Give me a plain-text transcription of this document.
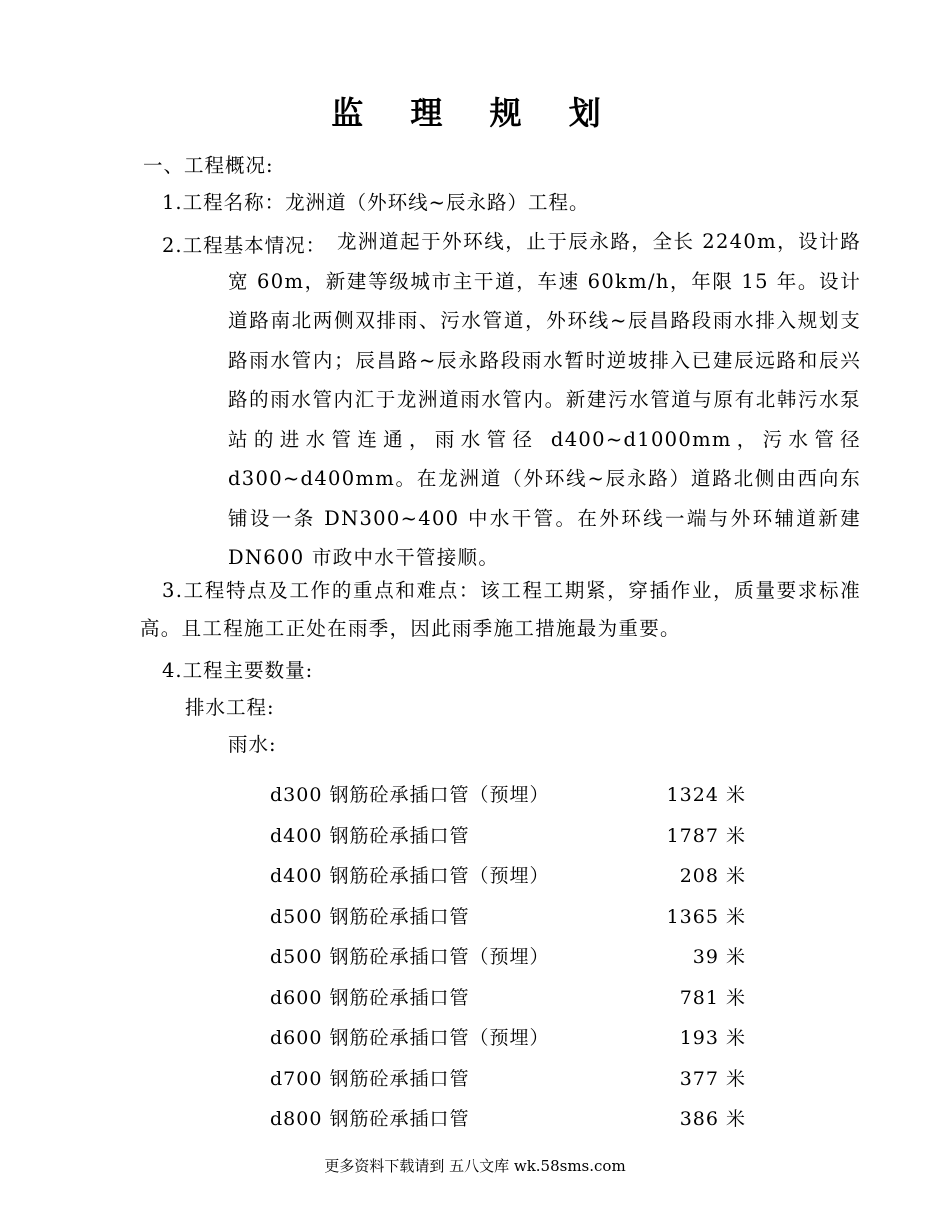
监 理 规 划
一、工程概况:
1.工程名称：龙洲道（外环线~辰永路）工程。
2.工程基本情况： 龙洲道起于外环线，止于辰永路，全长 2240m，设计路宽 60m，新建等级城市主干道，车速 60km/h，年限 15 年。设计道路南北两侧双排雨、污水管道，外环线~辰昌路段雨水排入规划支路雨水管内；辰昌路~辰永路段雨水暂时逆坡排入已建辰远路和辰兴路的雨水管内汇于龙洲道雨水管内。新建污水管道与原有北韩污水泵站的进水管连通，雨水管径 d400~d1000mm，污水管径 d300~d400mm。在龙洲道（外环线~辰永路）道路北侧由西向东铺设一条 DN300~400 中水干管。在外环线一端与外环辅道新建 DN600 市政中水干管接顺。
3.工程特点及工作的重点和难点：该工程工期紧，穿插作业，质量要求标准高。且工程施工正处在雨季，因此雨季施工措施最为重要。
4.工程主要数量:
排水工程:
雨水:
d300 钢筋砼承插口管（预埋）	1324 米
d400 钢筋砼承插口管	1787 米
d400 钢筋砼承插口管（预埋）	208 米
d500 钢筋砼承插口管	1365 米
d500 钢筋砼承插口管（预埋）	39 米
d600 钢筋砼承插口管	781 米
d600 钢筋砼承插口管（预埋）	193 米
d700 钢筋砼承插口管	377 米
d800 钢筋砼承插口管	386 米
更多资料下载请到 五八文库 wk.58sms.com
